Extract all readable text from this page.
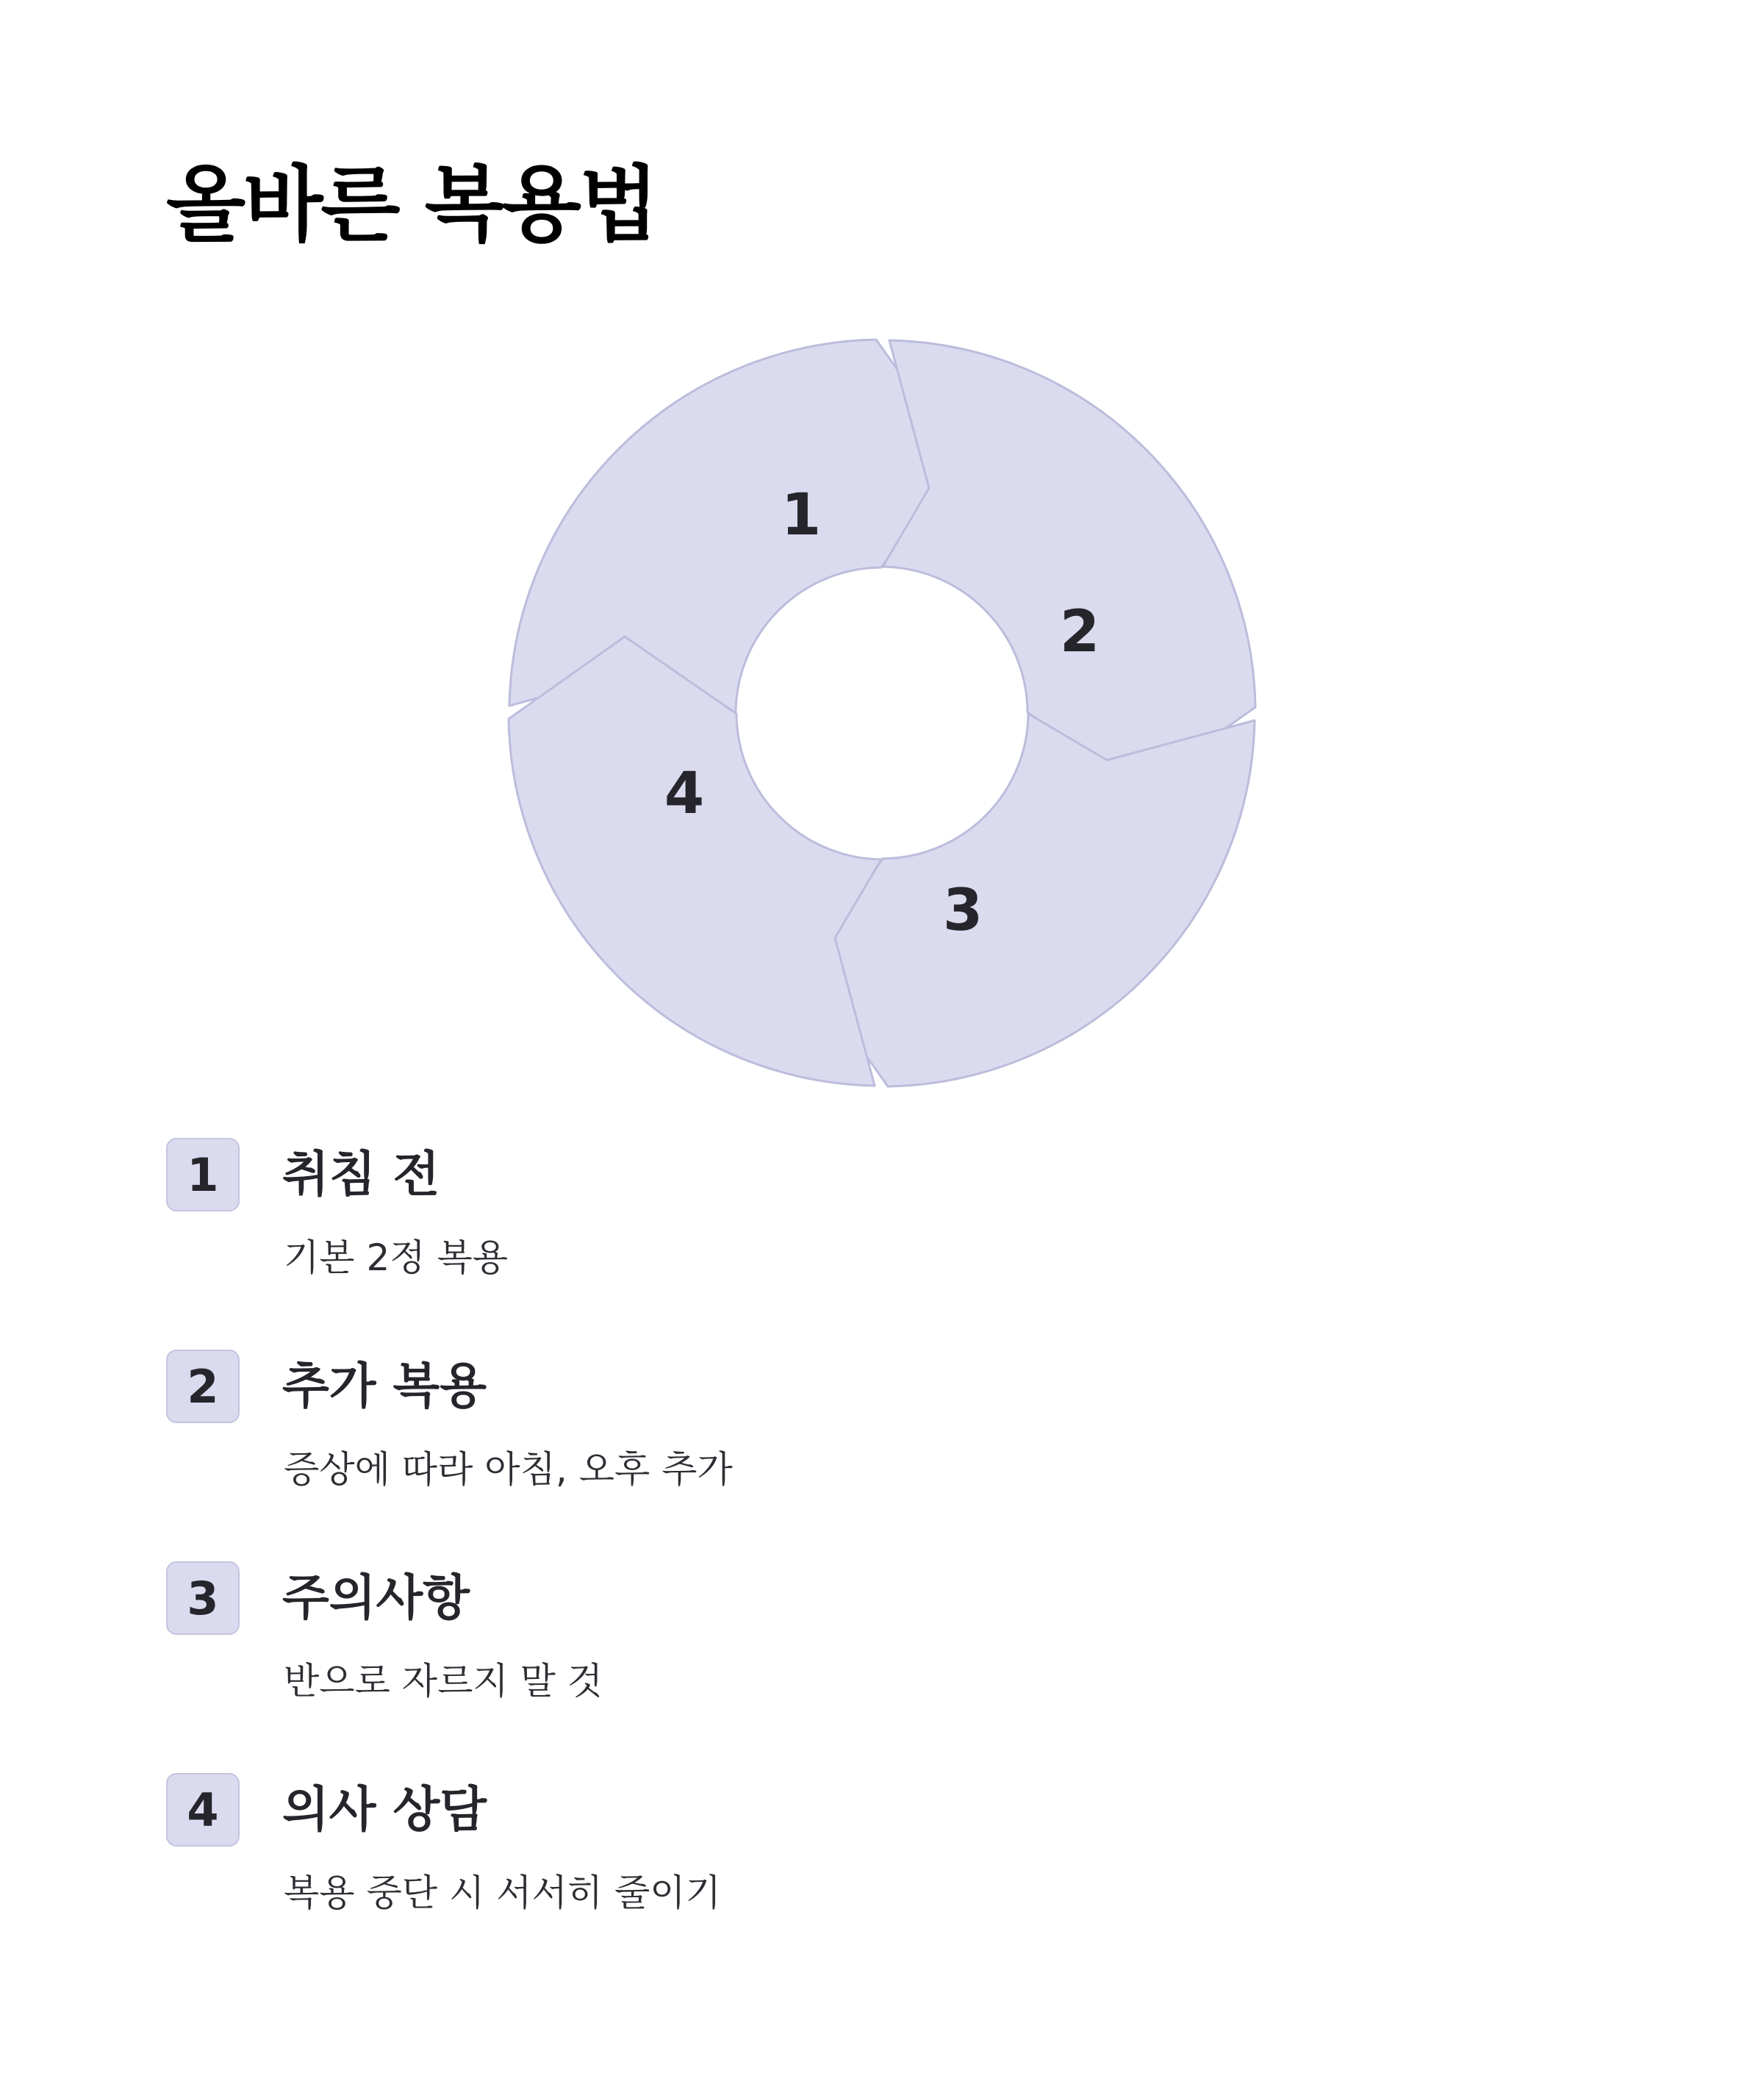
올바른 복용법
1
2
3
4
1	취침 전
기본 2정 복용
2	추가 복용
증상에 따라 아침, 오후 추가
3	주의사항
반으로 자르지 말 것
4	의사 상담
복용 중단 시 서서히 줄이기
